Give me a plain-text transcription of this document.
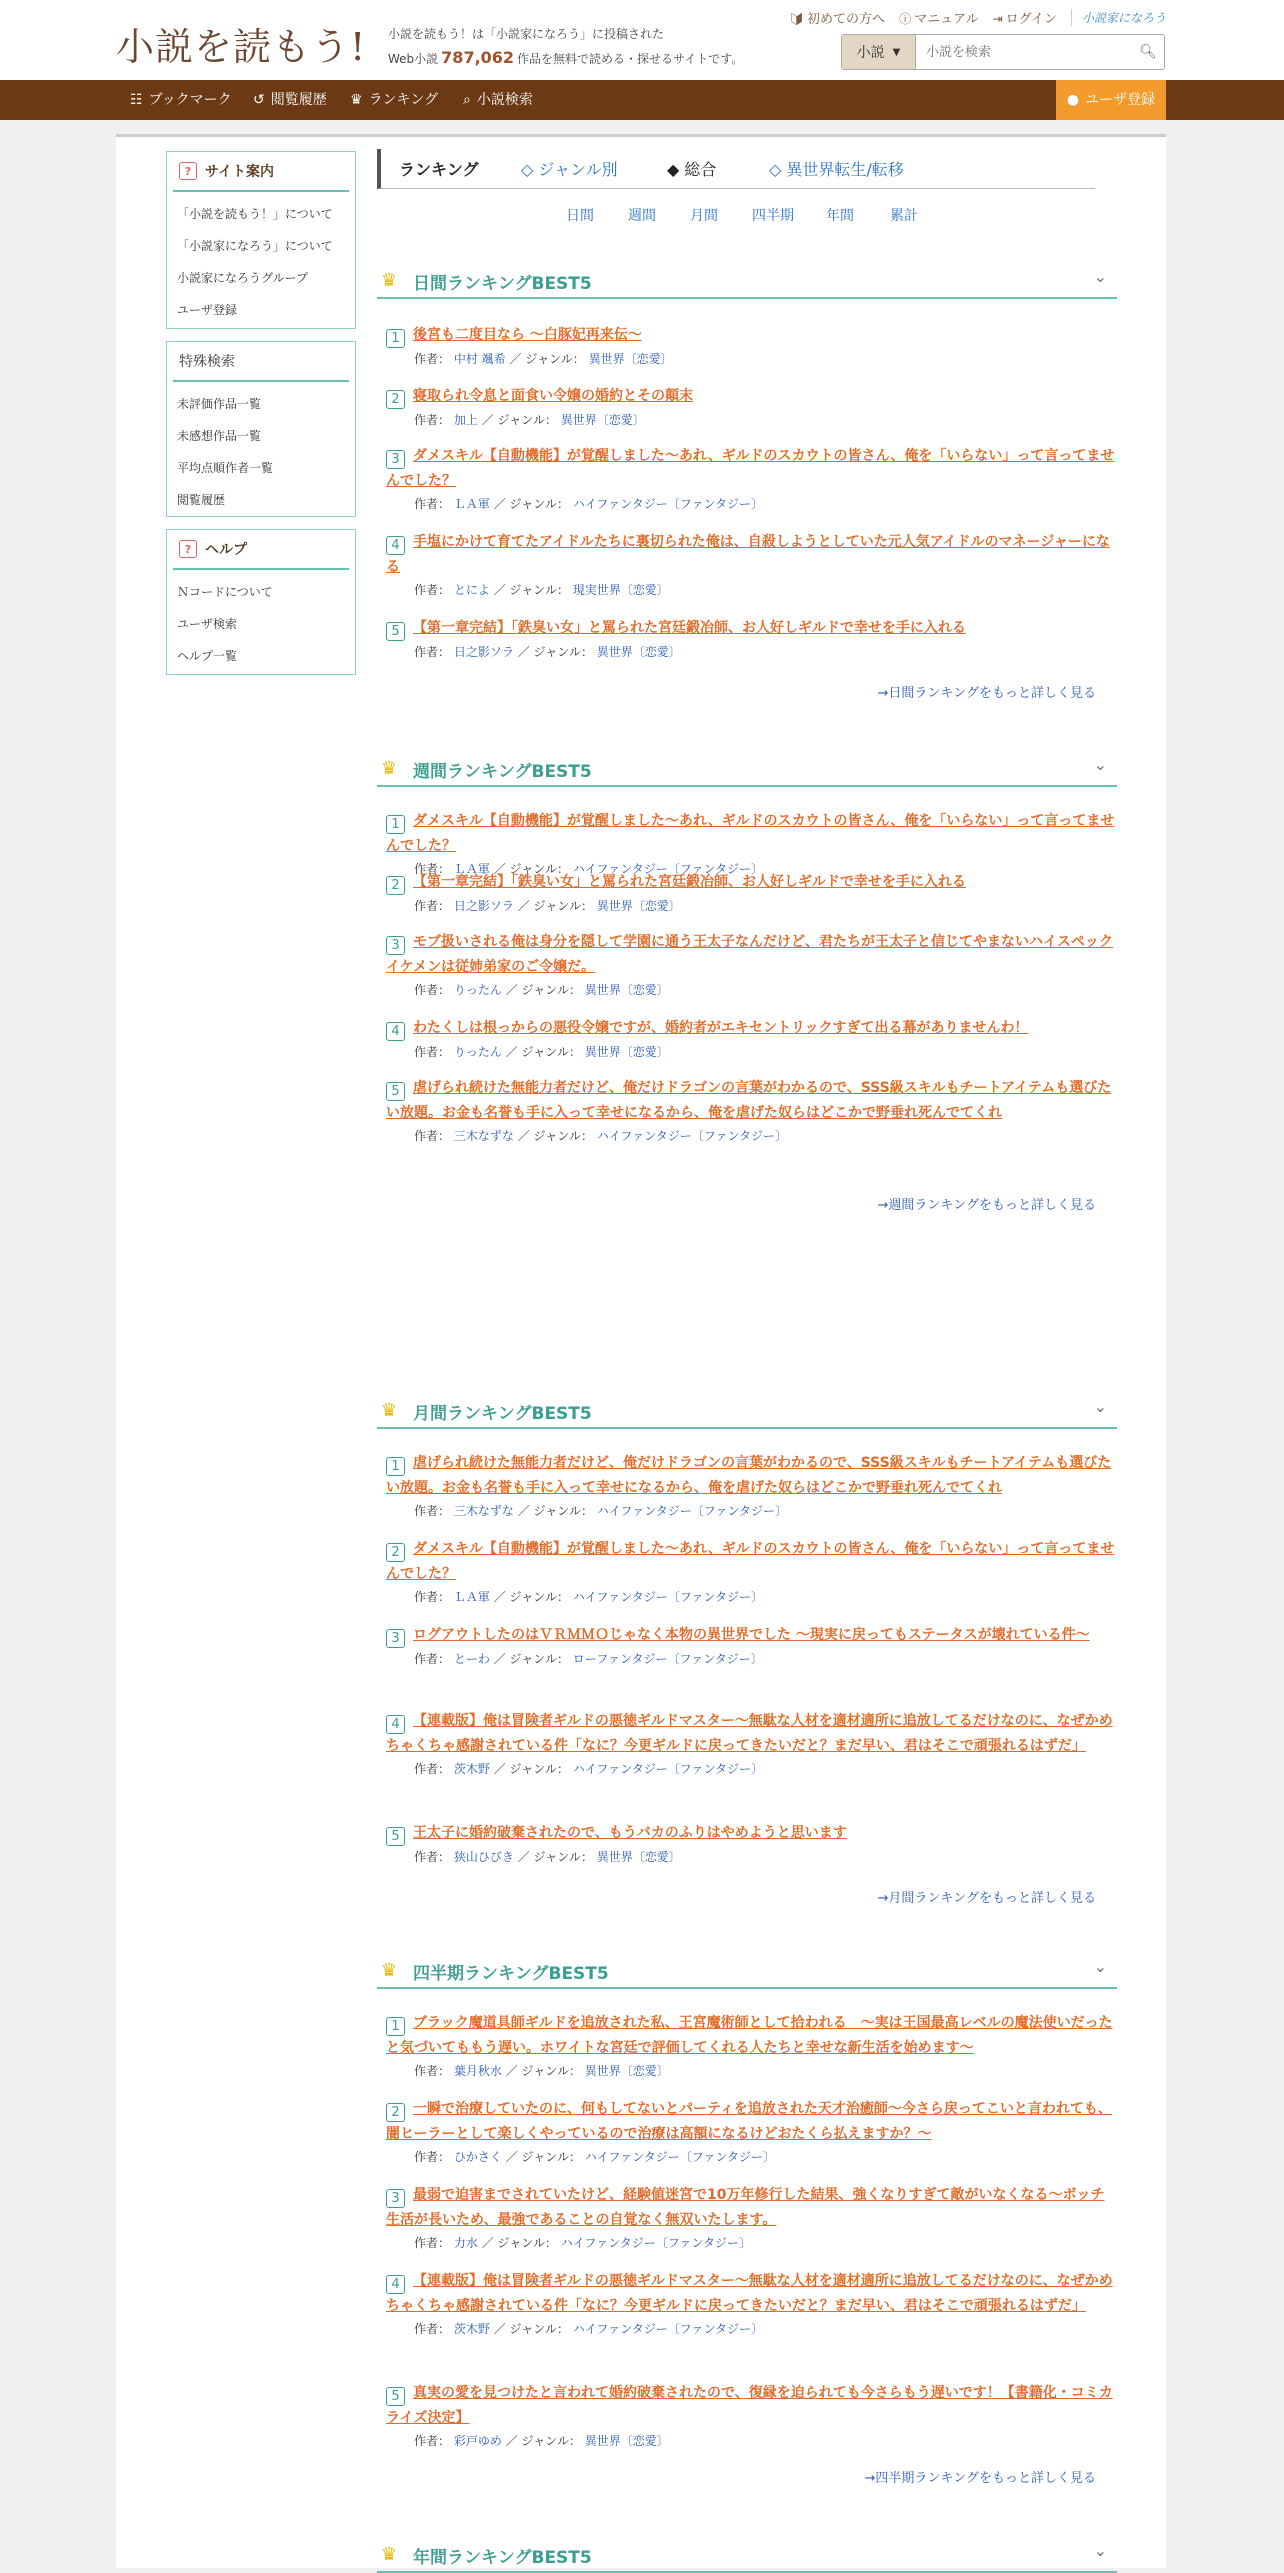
小説を読もう! 小説を読もう！は「小説家になろう」に投稿された
Web小説 787,062 作品を無料で読める・探せるサイトです。
🔰︎ 初めての方へ ⓘ マニュアル ⇥ ログイン	小説家になろう
小説 ▼
小説を検索	🔍︎
☷ ブックマーク ↺ 閲覧履歴 ♛ ランキング ⌕ 小説検索	● ユーザ登録
? サイト案内
「小説を読もう！」について
「小説家になろう」について
小説家になろうグループ
ユーザ登録
特殊検索
未評価作品一覧
未感想作品一覧
平均点順作者一覧
閲覧履歴
? ヘルプ
Ｎコードについて
ユーザ検索
ヘルプ一覧
ランキング	◇ ジャンル別	◆ 総合	◇ 異世界転生/転移
日間 週間 月間 四半期 年間	累計
♛ 日間ランキングBEST5	⌄
1 後宮も二度目なら 〜白豚妃再来伝〜
作者： 中村 颯希 ／ ジャンル： 異世界〔恋愛〕
2 寝取られ令息と面食い令嬢の婚約とその顛末
作者： 加上 ／ ジャンル： 異世界〔恋愛〕
3 ダメスキル【自動機能】が覚醒しました〜あれ、ギルドのスカウトの皆さん、俺を「いらない」って言ってませんでした？
作者： ＬＡ軍 ／ ジャンル： ハイファンタジー〔ファンタジー〕
4 手塩にかけて育てたアイドルたちに裏切られた俺は、自殺しようとしていた元人気アイドルのマネージャーになる
作者： とによ ／ ジャンル： 現実世界〔恋愛〕
5 【第一章完結】「鉄臭い女」と罵られた宮廷鍛冶師、お人好しギルドで幸せを手に入れる
作者： 日之影ソラ ／ ジャンル： 異世界〔恋愛〕
→日間ランキングをもっと詳しく見る
♛ 週間ランキングBEST5	⌄
1 ダメスキル【自動機能】が覚醒しました〜あれ、ギルドのスカウトの皆さん、俺を「いらない」って言ってませんでした？
作者： ＬＡ軍 ／ ジャンル： ハイファンタジー〔ファンタジー〕
2 【第一章完結】「鉄臭い女」と罵られた宮廷鍛冶師、お人好しギルドで幸せを手に入れる
作者： 日之影ソラ ／ ジャンル： 異世界〔恋愛〕
3 モブ扱いされる俺は身分を隠して学園に通う王太子なんだけど、君たちが王太子と信じてやまないハイスペックイケメンは従姉弟家のご令嬢だ。
作者： りったん ／ ジャンル： 異世界〔恋愛〕
4 わたくしは根っからの悪役令嬢ですが、婚約者がエキセントリックすぎて出る幕がありませんわ！
作者： りったん ／ ジャンル： 異世界〔恋愛〕
5 虐げられ続けた無能力者だけど、俺だけドラゴンの言葉がわかるので、SSS級スキルもチートアイテムも選びたい放題。お金も名誉も手に入って幸せになるから、俺を虐げた奴らはどこかで野垂れ死んでてくれ
作者： 三木なずな ／ ジャンル： ハイファンタジー〔ファンタジー〕
→週間ランキングをもっと詳しく見る
♛ 月間ランキングBEST5	⌄
1 虐げられ続けた無能力者だけど、俺だけドラゴンの言葉がわかるので、SSS級スキルもチートアイテムも選びたい放題。お金も名誉も手に入って幸せになるから、俺を虐げた奴らはどこかで野垂れ死んでてくれ
作者： 三木なずな ／ ジャンル： ハイファンタジー〔ファンタジー〕
2 ダメスキル【自動機能】が覚醒しました〜あれ、ギルドのスカウトの皆さん、俺を「いらない」って言ってませんでした？
作者： ＬＡ軍 ／ ジャンル： ハイファンタジー〔ファンタジー〕
3 ログアウトしたのはＶＲＭＭＯじゃなく本物の異世界でした 〜現実に戻ってもステータスが壊れている件〜
作者： とーわ ／ ジャンル： ローファンタジー〔ファンタジー〕
4 【連載版】俺は冒険者ギルドの悪徳ギルドマスター〜無駄な人材を適材適所に追放してるだけなのに、なぜかめちゃくちゃ感謝されている件「なに？今更ギルドに戻ってきたいだと？まだ早い、君はそこで頑張れるはずだ」
作者： 茨木野 ／ ジャンル： ハイファンタジー〔ファンタジー〕
5 王太子に婚約破棄されたので、もうバカのふりはやめようと思います
作者： 狭山ひびき ／ ジャンル： 異世界〔恋愛〕
→月間ランキングをもっと詳しく見る
♛ 四半期ランキングBEST5	⌄
1 ブラック魔道具師ギルドを追放された私、王宮魔術師として拾われる　〜実は王国最高レベルの魔法使いだったと気づいてももう遅い。ホワイトな宮廷で評価してくれる人たちと幸せな新生活を始めます〜
作者： 葉月秋水 ／ ジャンル： 異世界〔恋愛〕
2 一瞬で治療していたのに、何もしてないとパーティを追放された天才治癒師〜今さら戻ってこいと言われても、闇ヒーラーとして楽しくやっているので治療は高額になるけどおたくら払えますか？〜
作者： ひかさく ／ ジャンル： ハイファンタジー〔ファンタジー〕
3 最弱で迫害までされていたけど、経験値迷宮で10万年修行した結果、強くなりすぎて敵がいなくなる〜ボッチ生活が長いため、最強であることの自覚なく無双いたします。
作者： 力水 ／ ジャンル： ハイファンタジー〔ファンタジー〕
4 【連載版】俺は冒険者ギルドの悪徳ギルドマスター〜無駄な人材を適材適所に追放してるだけなのに、なぜかめちゃくちゃ感謝されている件「なに？今更ギルドに戻ってきたいだと？まだ早い、君はそこで頑張れるはずだ」
作者： 茨木野 ／ ジャンル： ハイファンタジー〔ファンタジー〕
5 真実の愛を見つけたと言われて婚約破棄されたので、復縁を迫られても今さらもう遅いです！【書籍化・コミカライズ決定】
作者： 彩戸ゆめ ／ ジャンル： 異世界〔恋愛〕
→四半期ランキングをもっと詳しく見る
♛ 年間ランキングBEST5	⌄
